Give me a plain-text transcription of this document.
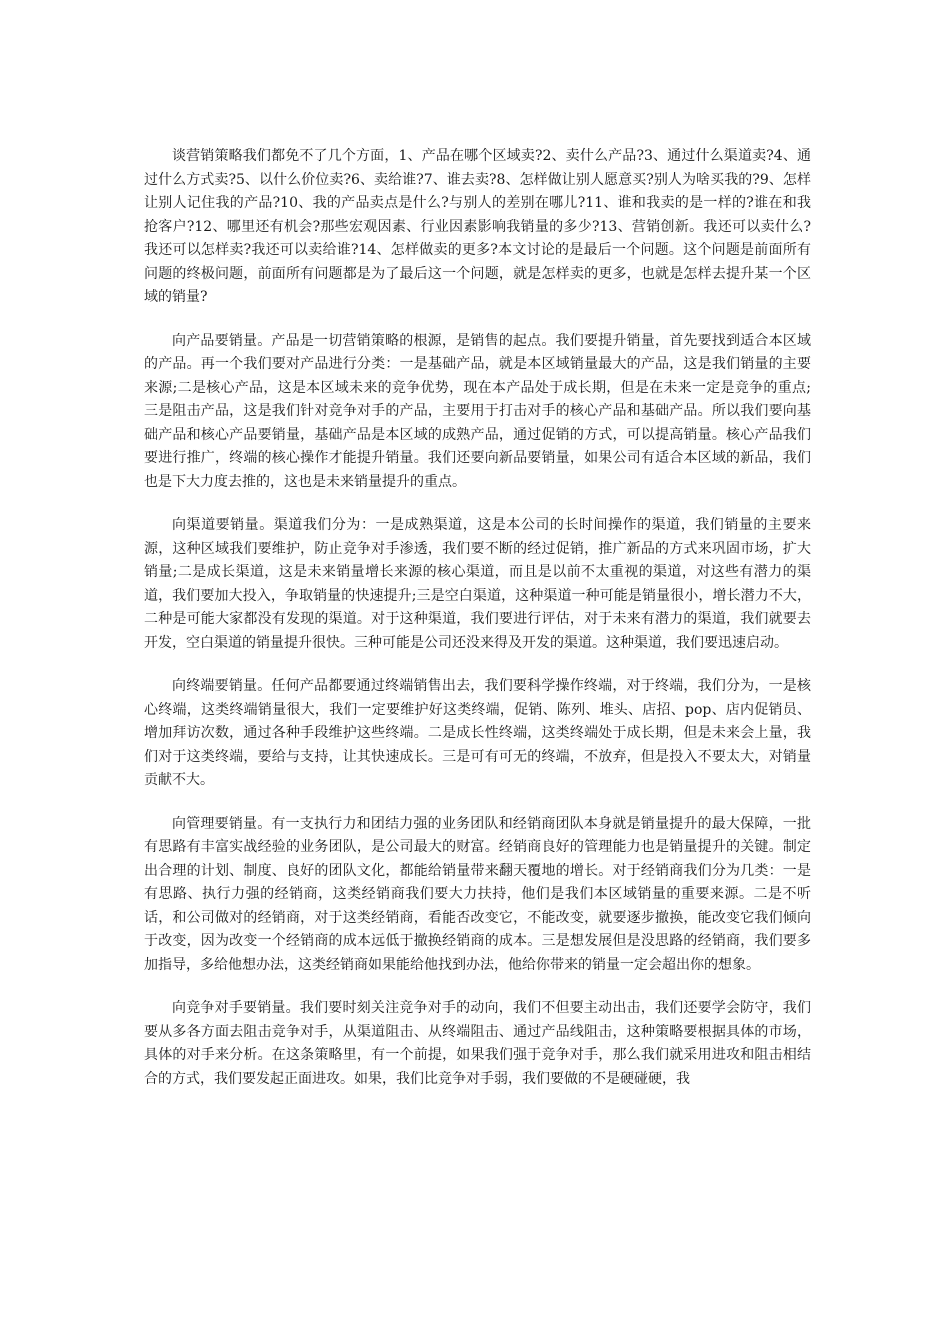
谈营销策略我们都免不了几个方面，1、产品在哪个区域卖?2、卖什么产品?3、通过什么渠道卖?4、通过什么方式卖?5、以什么价位卖?6、卖给谁?7、谁去卖?8、怎样做让别人愿意买?别人为啥买我的?9、怎样让别人记住我的产品?10、我的产品卖点是什么?与别人的差别在哪儿?11、谁和我卖的是一样的?谁在和我抢客户?12、哪里还有机会?那些宏观因素、行业因素影响我销量的多少?13、营销创新。我还可以卖什么?我还可以怎样卖?我还可以卖给谁?14、怎样做卖的更多?本文讨论的是最后一个问题。这个问题是前面所有问题的终极问题，前面所有问题都是为了最后这一个问题，就是怎样卖的更多，也就是怎样去提升某一个区域的销量?

向产品要销量。产品是一切营销策略的根源，是销售的起点。我们要提升销量，首先要找到适合本区域的产品。再一个我们要对产品进行分类：一是基础产品，就是本区域销量最大的产品，这是我们销量的主要来源;二是核心产品，这是本区域未来的竞争优势，现在本产品处于成长期，但是在未来一定是竞争的重点;三是阻击产品，这是我们针对竞争对手的产品，主要用于打击对手的核心产品和基础产品。所以我们要向基础产品和核心产品要销量，基础产品是本区域的成熟产品，通过促销的方式，可以提高销量。核心产品我们要进行推广，终端的核心操作才能提升销量。我们还要向新品要销量，如果公司有适合本区域的新品，我们也是下大力度去推的，这也是未来销量提升的重点。

向渠道要销量。渠道我们分为：一是成熟渠道，这是本公司的长时间操作的渠道，我们销量的主要来源，这种区域我们要维护，防止竞争对手渗透，我们要不断的经过促销，推广新品的方式来巩固市场，扩大销量;二是成长渠道，这是未来销量增长来源的核心渠道，而且是以前不太重视的渠道，对这些有潜力的渠道，我们要加大投入，争取销量的快速提升;三是空白渠道，这种渠道一种可能是销量很小，增长潜力不大，二种是可能大家都没有发现的渠道。对于这种渠道，我们要进行评估，对于未来有潜力的渠道，我们就要去开发，空白渠道的销量提升很快。三种可能是公司还没来得及开发的渠道。这种渠道，我们要迅速启动。

向终端要销量。任何产品都要通过终端销售出去，我们要科学操作终端，对于终端，我们分为，一是核心终端，这类终端销量很大，我们一定要维护好这类终端，促销、陈列、堆头、店招、pop、店内促销员、增加拜访次数，通过各种手段维护这些终端。二是成长性终端，这类终端处于成长期，但是未来会上量，我们对于这类终端，要给与支持，让其快速成长。三是可有可无的终端，不放弃，但是投入不要太大，对销量贡献不大。

向管理要销量。有一支执行力和团结力强的业务团队和经销商团队本身就是销量提升的最大保障，一批有思路有丰富实战经验的业务团队，是公司最大的财富。经销商良好的管理能力也是销量提升的关键。制定出合理的计划、制度、良好的团队文化，都能给销量带来翻天覆地的增长。对于经销商我们分为几类：一是有思路、执行力强的经销商，这类经销商我们要大力扶持，他们是我们本区域销量的重要来源。二是不听话，和公司做对的经销商，对于这类经销商，看能否改变它，不能改变，就要逐步撤换，能改变它我们倾向于改变，因为改变一个经销商的成本远低于撤换经销商的成本。三是想发展但是没思路的经销商，我们要多加指导，多给他想办法，这类经销商如果能给他找到办法，他给你带来的销量一定会超出你的想象。

向竞争对手要销量。我们要时刻关注竞争对手的动向，我们不但要主动出击，我们还要学会防守，我们要从多各方面去阻击竞争对手，从渠道阻击、从终端阻击、通过产品线阻击，这种策略要根据具体的市场，具体的对手来分析。在这条策略里，有一个前提，如果我们强于竞争对手，那么我们就采用进攻和阻击相结合的方式，我们要发起正面进攻。如果，我们比竞争对手弱，我们要做的不是硬碰硬，我
